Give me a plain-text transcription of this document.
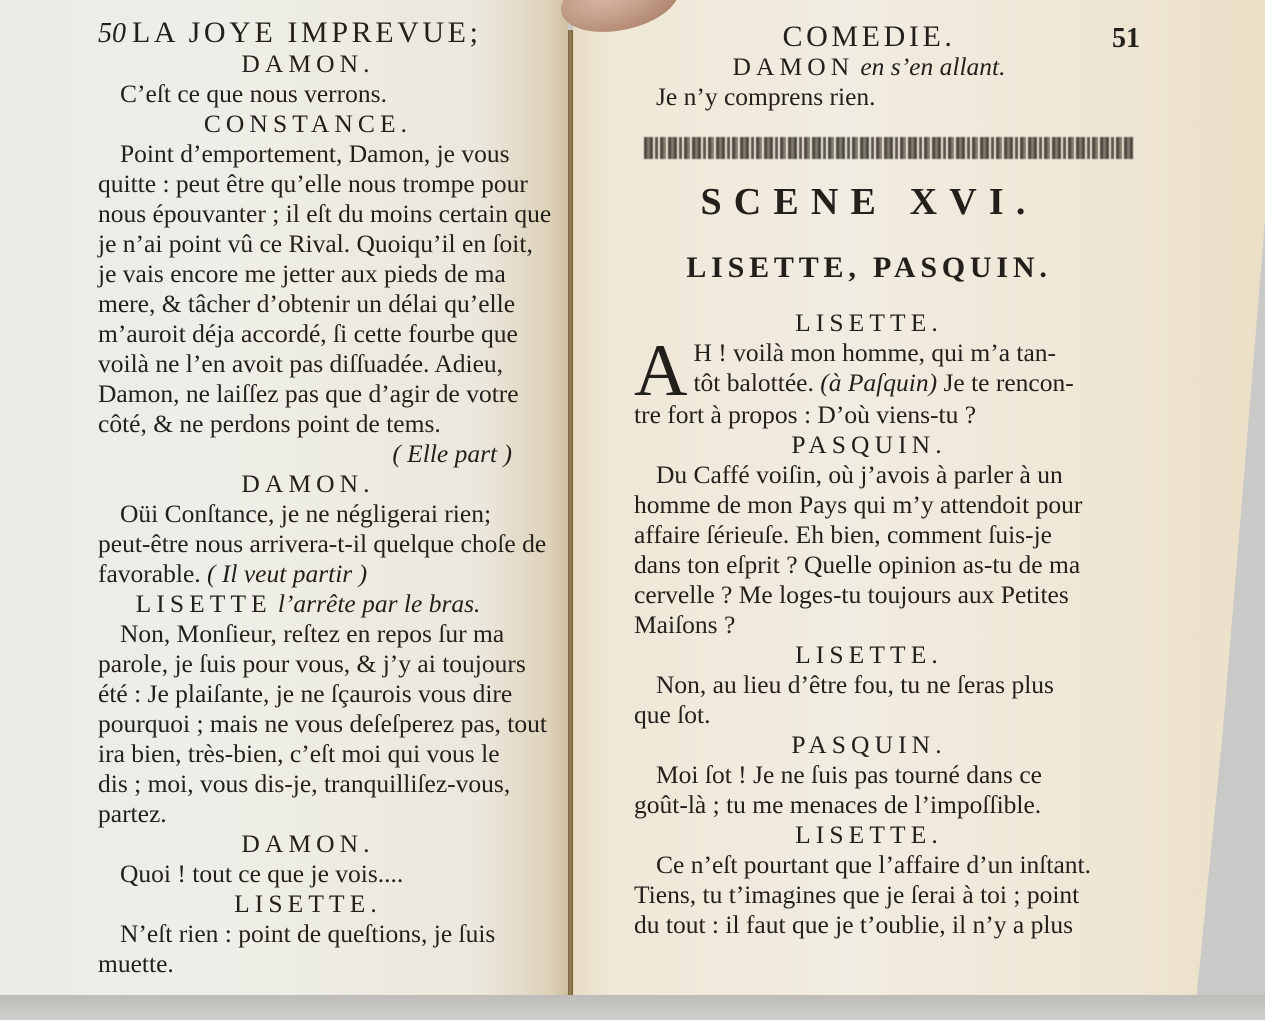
50 LA JOYE IMPREVUE;
DAMON.
C’eſt ce que nous verrons.
CONSTANCE.
Point d’emportement, Damon, je vous
quitte : peut être qu’elle nous trompe pour
nous épouvanter ; il eſt du moins certain que
je n’ai point vû ce Rival. Quoiqu’il en ſoit,
je vais encore me jetter aux pieds de ma
mere, & tâcher d’obtenir un délai qu’elle
m’auroit déja accordé, ſi cette fourbe que
voilà ne l’en avoit pas diſſuadée. Adieu,
Damon, ne laiſſez pas que d’agir de votre
côté, & ne perdons point de tems.
( Elle part )
DAMON.
Oüi Conſtance, je ne négligerai rien;
peut-être nous arrivera-t-il quelque choſe de
favorable. ( Il veut partir )
LISETTE l’arrête par le bras.
Non, Monſieur, reſtez en repos ſur ma
parole, je ſuis pour vous, & j’y ai toujours
été : Je plaiſante, je ne ſçaurois vous dire
pourquoi ; mais ne vous deſeſperez pas, tout
ira bien, très-bien, c’eſt moi qui vous le
dis ; moi, vous dis-je, tranquilliſez-vous,
partez.
DAMON.
Quoi ! tout ce que je vois....
LISETTE.
N’eſt rien : point de queſtions, je ſuis
muette.
COMEDIE.	51
DAMON en s’en allant.
Je n’y comprens rien.
SCENE XVI.
LISETTE, PASQUIN.
LISETTE.
A H ! voilà mon homme, qui m’a tan-
tôt balottée. (à Paſquin) Je te rencon-
tre fort à propos : D’où viens-tu ?
PASQUIN.
Du Caffé voiſin, où j’avois à parler à un
homme de mon Pays qui m’y attendoit pour
affaire ſérieuſe. Eh bien, comment ſuis-je
dans ton eſprit ? Quelle opinion as-tu de ma
cervelle ? Me loges-tu toujours aux Petites
Maiſons ?
LISETTE.
Non, au lieu d’être fou, tu ne ſeras plus
que ſot.
PASQUIN.
Moi ſot ! Je ne ſuis pas tourné dans ce
goût-là ; tu me menaces de l’impoſſible.
LISETTE.
Ce n’eſt pourtant que l’affaire d’un inſtant.
Tiens, tu t’imagines que je ſerai à toi ; point
du tout : il faut que je t’oublie, il n’y a plus
